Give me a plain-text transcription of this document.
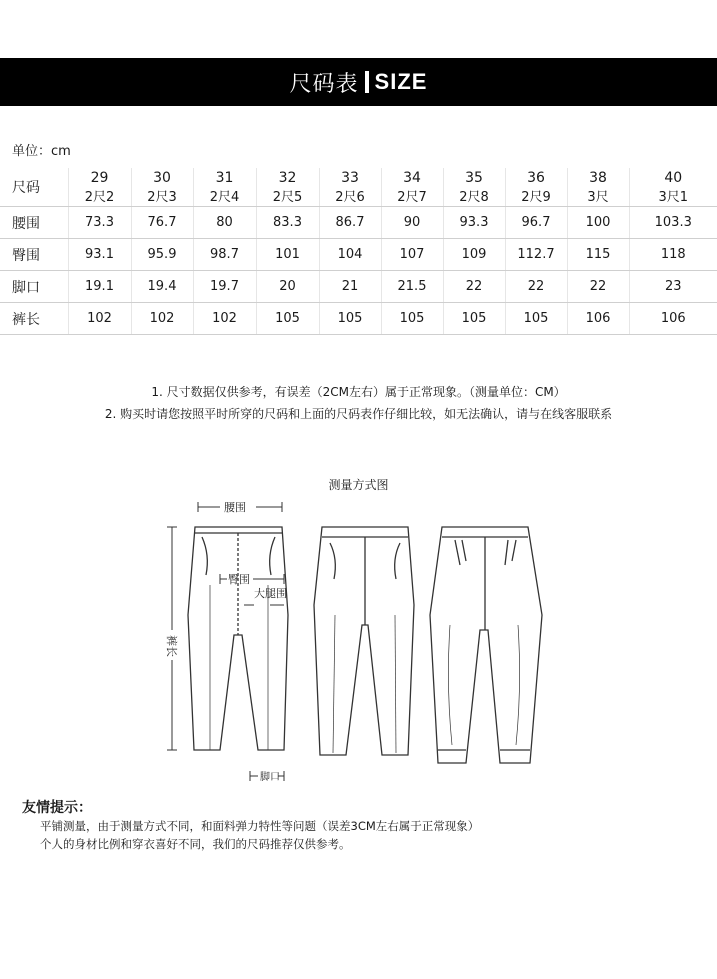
尺码表 SIZE
单位：cm
尺码	29	30	31	32	33	34	35	36	38	40
	2尺2	2尺3	2尺4	2尺5	2尺6	2尺7	2尺8	2尺9	3尺	3尺1
腰围	73.3	76.7	80	83.3	86.7	90	93.3	96.7	100	103.3
臀围	93.1	95.9	98.7	101	104	107	109	112.7	115	118
脚口	19.1	19.4	19.7	20	21	21.5	22	22	22	23
裤长	102	102	102	105	105	105	105	105	106	106
1. 尺寸数据仅供参考，有误差（2CM左右）属于正常现象。（测量单位：CM）
2. 购买时请您按照平时所穿的尺码和上面的尺码表作仔细比较，如无法确认，请与在线客服联系
测量方式图
腰围
臀围
大腿围
裤长
脚口
友情提示：
平铺测量，由于测量方式不同，和面料弹力特性等问题（误差3CM左右属于正常现象）
个人的身材比例和穿衣喜好不同，我们的尺码推荐仅供参考。
